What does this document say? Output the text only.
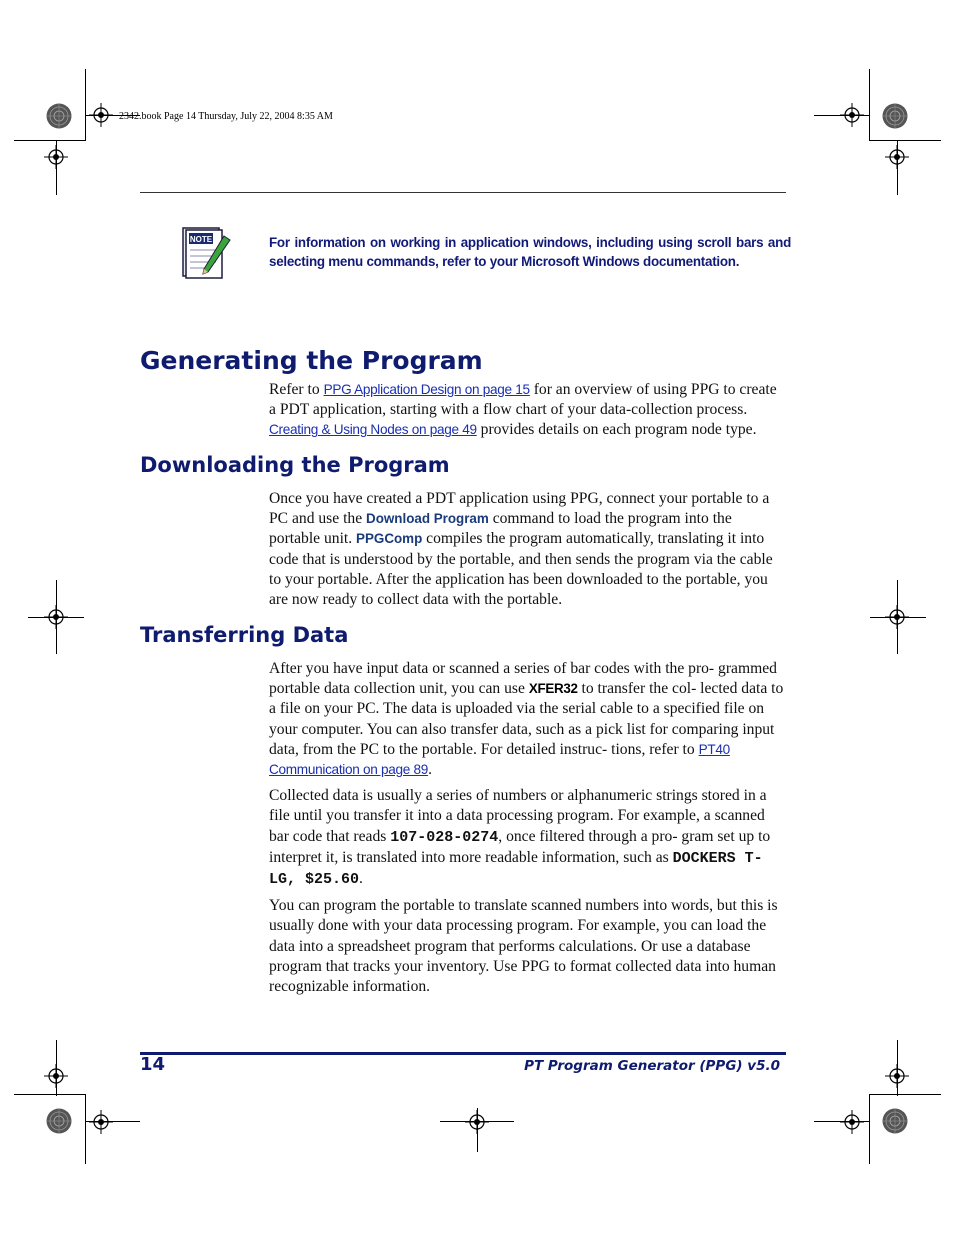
2342.book Page 14 Thursday, July 22, 2004 8:35 AM
NOTE	For information on working in application windows, including using scroll bars and selecting menu commands, refer to your Microsoft Windows documentation.
Generating the Program

Refer to PPG Application Design on page 15 for an overview of using PPG to create a PDT application, starting with a flow chart of your data-collection process. Creating & Using Nodes on page 49 provides details on each program node type.

Downloading the Program

Once you have created a PDT application using PPG, connect your portable to a PC and use the Download Program command to load the program into the portable unit. PPGComp compiles the program automatically, translating it into code that is understood by the portable, and then sends the program via the cable to your portable. After the application has been downloaded to the portable, you are now ready to collect data with the portable.

Transferring Data

After you have input data or scanned a series of bar codes with the pro- grammed portable data collection unit, you can use XFER32 to transfer the col- lected data to a file on your PC. The data is uploaded via the serial cable to a specified file on your computer. You can also transfer data, such as a pick list for comparing input data, from the PC to the portable. For detailed instruc- tions, refer to PT40 Communication on page 89.

Collected data is usually a series of numbers or alphanumeric strings stored in a file until you transfer it into a data processing program. For example, a scanned bar code that reads 107-028-0274, once filtered through a pro- gram set up to interpret it, is translated into more readable information, such as DOCKERS T-LG, $25.60.

You can program the portable to translate scanned numbers into words, but this is usually done with your data processing program. For example, you can load the data into a spreadsheet program that performs calculations. Or use a database program that tracks your inventory. Use PPG to format collected data into human recognizable information.

14	PT Program Generator (PPG) v5.0
